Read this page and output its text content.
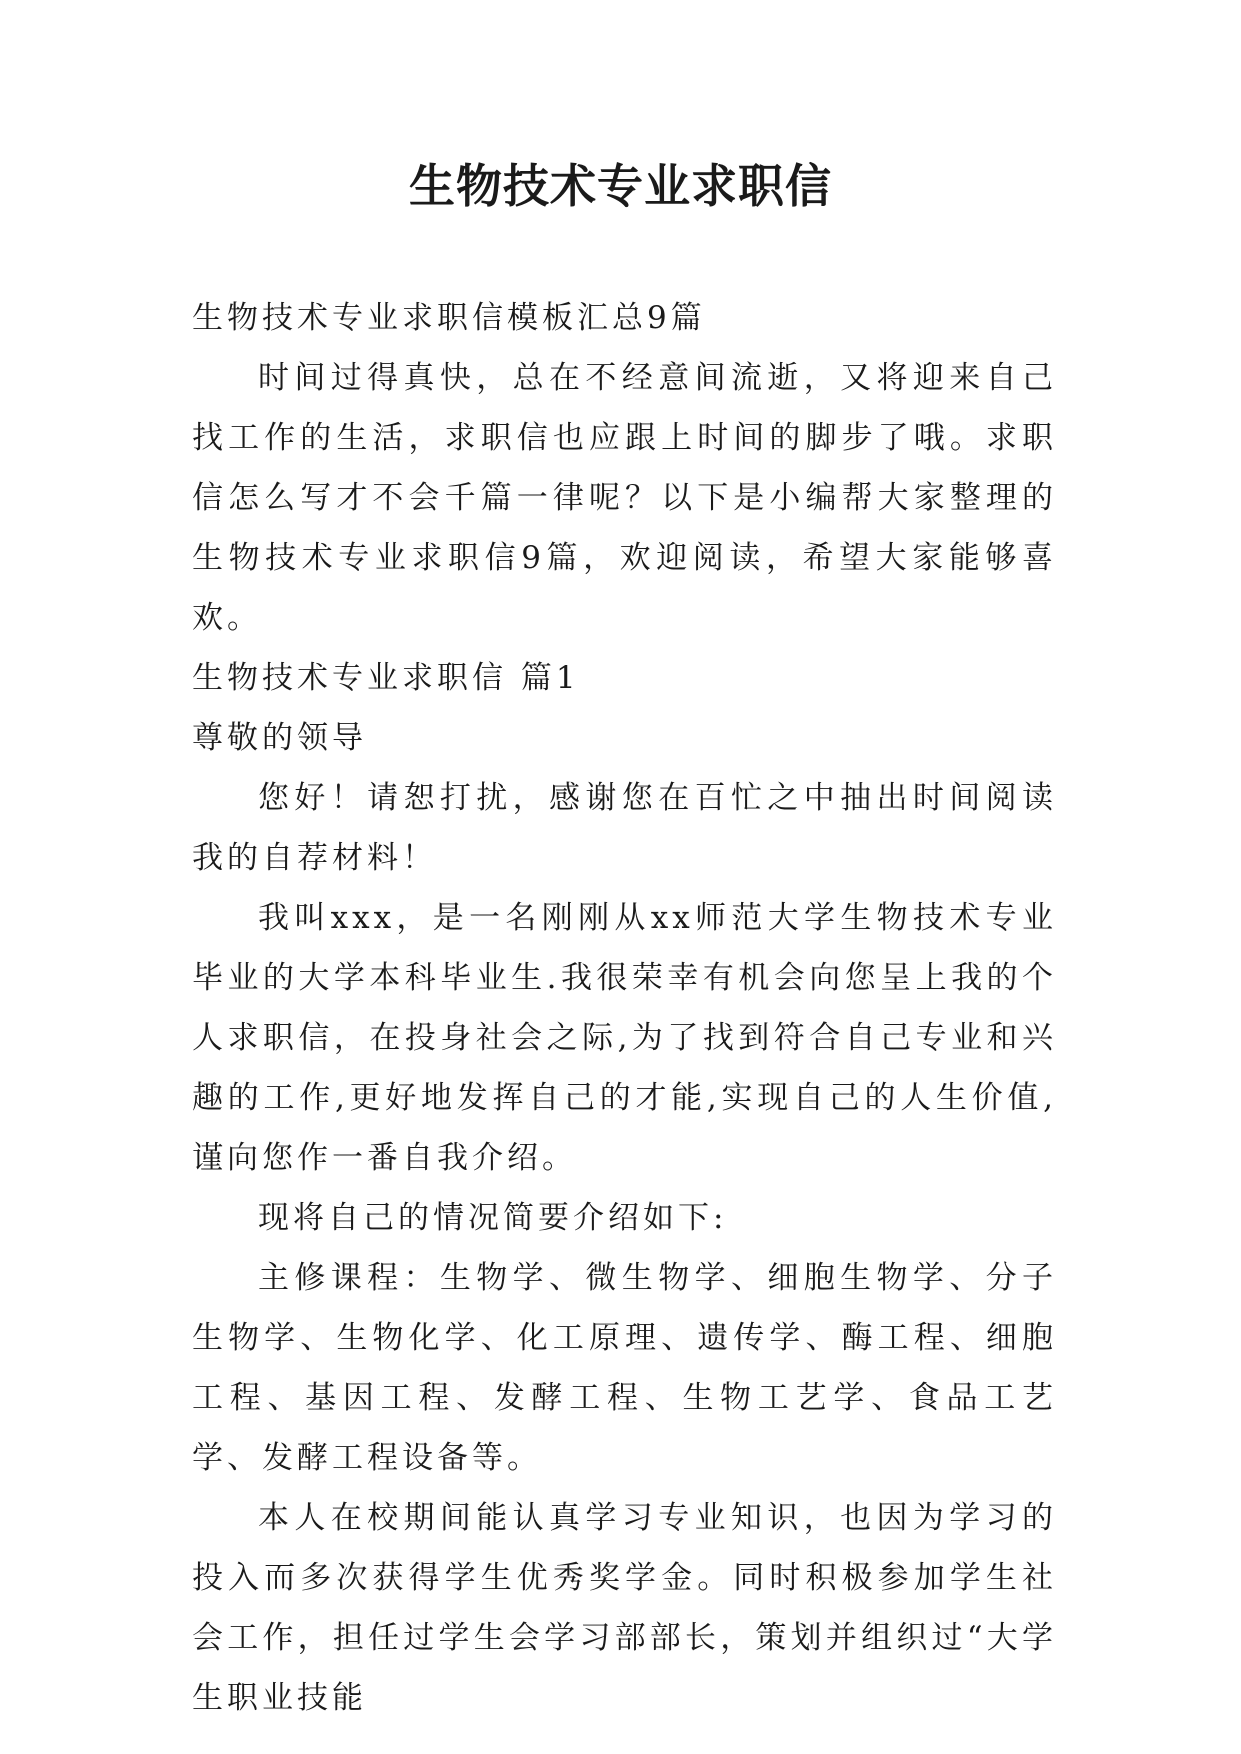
生物技术专业求职信

生物技术专业求职信模板汇总9篇

时间过得真快，总在不经意间流逝，又将迎来自己找工作的生活，求职信也应跟上时间的脚步了哦。求职信怎么写才不会千篇一律呢？以下是小编帮大家整理的生物技术专业求职信9篇，欢迎阅读，希望大家能够喜欢。

生物技术专业求职信 篇1

尊敬的领导

您好！请恕打扰，感谢您在百忙之中抽出时间阅读我的自荐材料！

我叫xxx，是一名刚刚从xx师范大学生物技术专业毕业的大学本科毕业生.我很荣幸有机会向您呈上我的个人求职信，在投身社会之际,为了找到符合自己专业和兴趣的工作,更好地发挥自己的才能,实现自己的人生价值,谨向您作一番自我介绍。

现将自己的情况简要介绍如下:

主修课程：生物学、微生物学、细胞生物学、分子生物学、生物化学、化工原理、遗传学、酶工程、细胞工程、基因工程、发酵工程、生物工艺学、食品工艺学、发酵工程设备等。

本人在校期间能认真学习专业知识，也因为学习的投入而多次获得学生优秀奖学金。同时积极参加学生社会工作，担任过学生会学习部部长，策划并组织过“大学生职业技能
